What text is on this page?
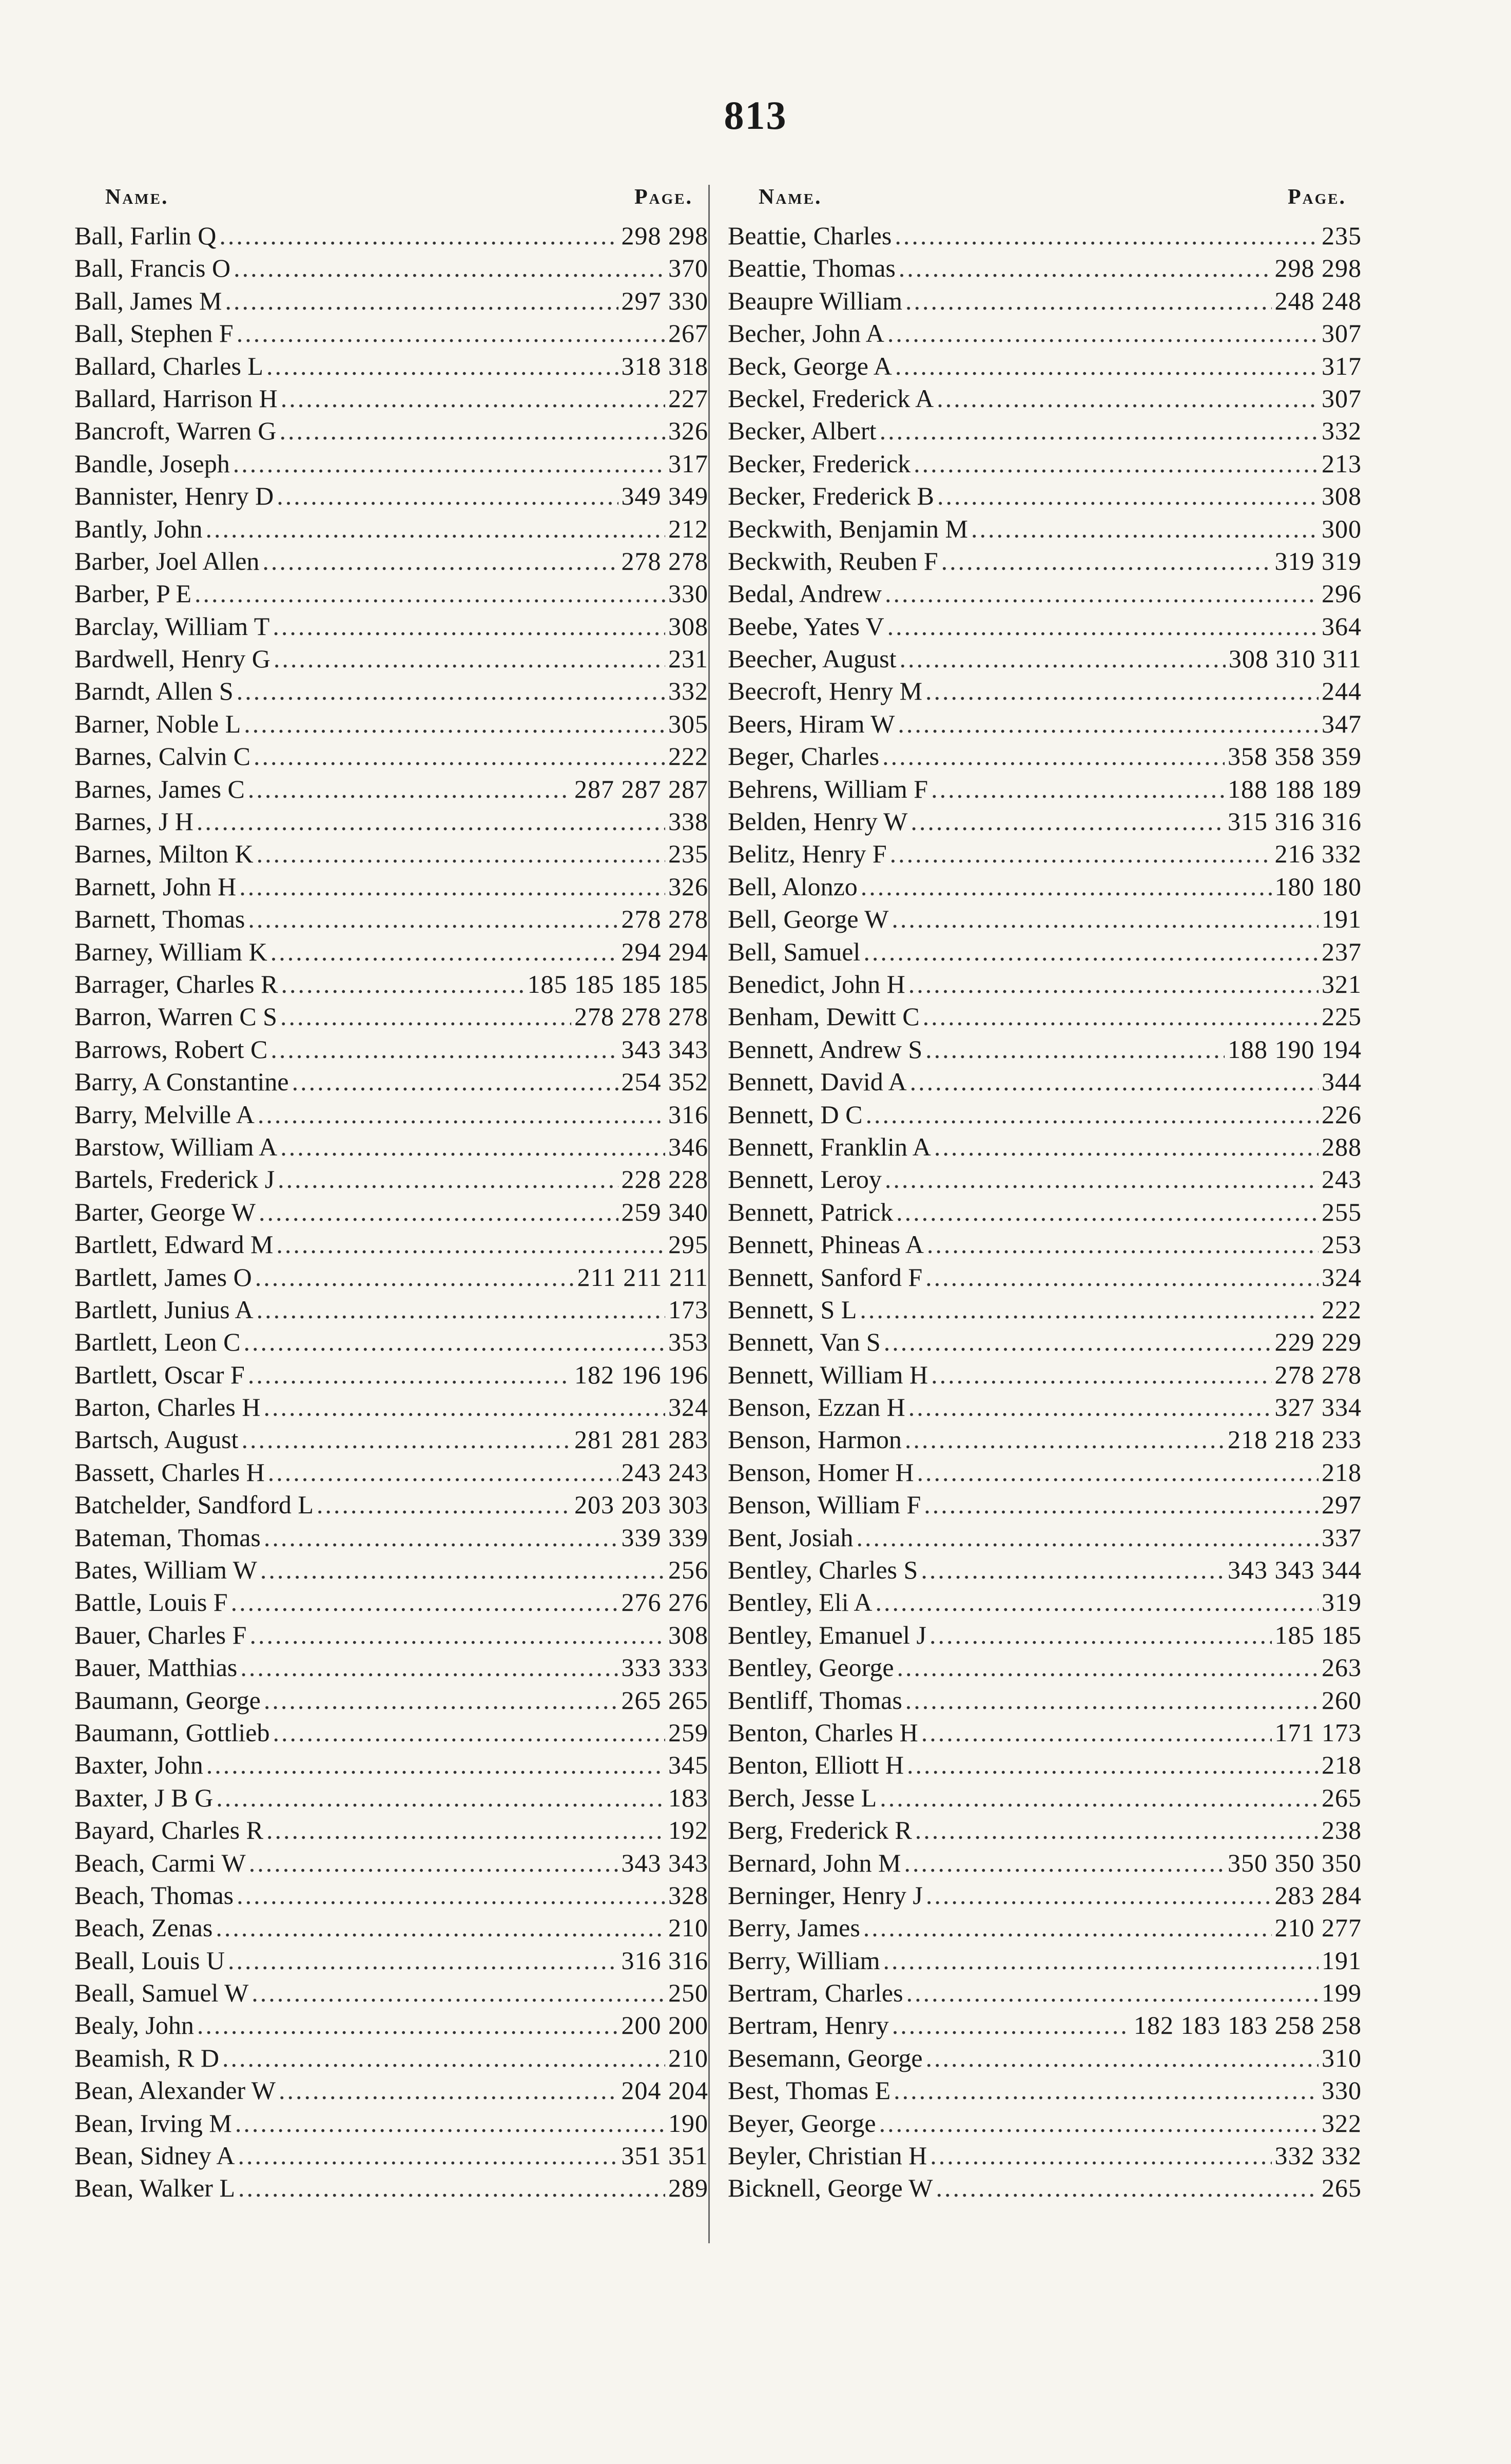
813
Name.	Page.
Ball, Farlin Q .....	298 298
Ball, Francis O .....	370
Ball, James M .....	297 330
Ball, Stephen F .....	267
Ballard, Charles L .....	318 318
Ballard, Harrison H .....	227
Bancroft, Warren G .....	326
Bandle, Joseph .....	317
Bannister, Henry D .....	349 349
Bantly, John .....	212
Barber, Joel Allen .....	278 278
Barber, P E .....	330
Barclay, William T .....	308
Bardwell, Henry G .....	231
Barndt, Allen S .....	332
Barner, Noble L .....	305
Barnes, Calvin C .....	222
Barnes, James C .....	287 287 287
Barnes, J H .....	338
Barnes, Milton K .....	235
Barnett, John H .....	326
Barnett, Thomas .....	278 278
Barney, William K .....	294 294
Barrager, Charles R .....	185 185 185 185
Barron, Warren C S .....	278 278 278
Barrows, Robert C .....	343 343
Barry, A Constantine .....	254 352
Barry, Melville A .....	316
Barstow, William A .....	346
Bartels, Frederick J .....	228 228
Barter, George W .....	259 340
Bartlett, Edward M .....	295
Bartlett, James O .....	211 211 211
Bartlett, Junius A .....	173
Bartlett, Leon C .....	353
Bartlett, Oscar F .....	182 196 196
Barton, Charles H .....	324
Bartsch, August .....	281 281 283
Bassett, Charles H .....	243 243
Batchelder, Sandford L .....	203 203 303
Bateman, Thomas .....	339 339
Bates, William W .....	256
Battle, Louis F .....	276 276
Bauer, Charles F .....	308
Bauer, Matthias .....	333 333
Baumann, George .....	265 265
Baumann, Gottlieb .....	259
Baxter, John .....	345
Baxter, J B G .....	183
Bayard, Charles R .....	192
Beach, Carmi W .....	343 343
Beach, Thomas .....	328
Beach, Zenas .....	210
Beall, Louis U .....	316 316
Beall, Samuel W .....	250
Bealy, John .....	200 200
Beamish, R D .....	210
Bean, Alexander W .....	204 204
Bean, Irving M .....	190
Bean, Sidney A .....	351 351
Bean, Walker L .....	289
Name.	Page.
Beattie, Charles .....	235
Beattie, Thomas .....	298 298
Beaupre William .....	248 248
Becher, John A .....	307
Beck, George A .....	317
Beckel, Frederick A .....	307
Becker, Albert .....	332
Becker, Frederick .....	213
Becker, Frederick B .....	308
Beckwith, Benjamin M .....	300
Beckwith, Reuben F .....	319 319
Bedal, Andrew .....	296
Beebe, Yates V .....	364
Beecher, August .....	308 310 311
Beecroft, Henry M .....	244
Beers, Hiram W .....	347
Beger, Charles .....	358 358 359
Behrens, William F .....	188 188 189
Belden, Henry W .....	315 316 316
Belitz, Henry F .....	216 332
Bell, Alonzo .....	180 180
Bell, George W .....	191
Bell, Samuel .....	237
Benedict, John H .....	321
Benham, Dewitt C .....	225
Bennett, Andrew S .....	188 190 194
Bennett, David A .....	344
Bennett, D C .....	226
Bennett, Franklin A .....	288
Bennett, Leroy .....	243
Bennett, Patrick .....	255
Bennett, Phineas A .....	253
Bennett, Sanford F .....	324
Bennett, S L .....	222
Bennett, Van S .....	229 229
Bennett, William H .....	278 278
Benson, Ezzan H .....	327 334
Benson, Harmon .....	218 218 233
Benson, Homer H .....	218
Benson, William F .....	297
Bent, Josiah .....	337
Bentley, Charles S .....	343 343 344
Bentley, Eli A .....	319
Bentley, Emanuel J .....	185 185
Bentley, George .....	263
Bentliff, Thomas .....	260
Benton, Charles H .....	171 173
Benton, Elliott H .....	218
Berch, Jesse L .....	265
Berg, Frederick R .....	238
Bernard, John M .....	350 350 350
Berninger, Henry J .....	283 284
Berry, James .....	210 277
Berry, William .....	191
Bertram, Charles .....	199
Bertram, Henry .....	182 183 183 258 258
Besemann, George .....	310
Best, Thomas E .....	330
Beyer, George .....	322
Beyler, Christian H .....	332 332
Bicknell, George W .....	265
